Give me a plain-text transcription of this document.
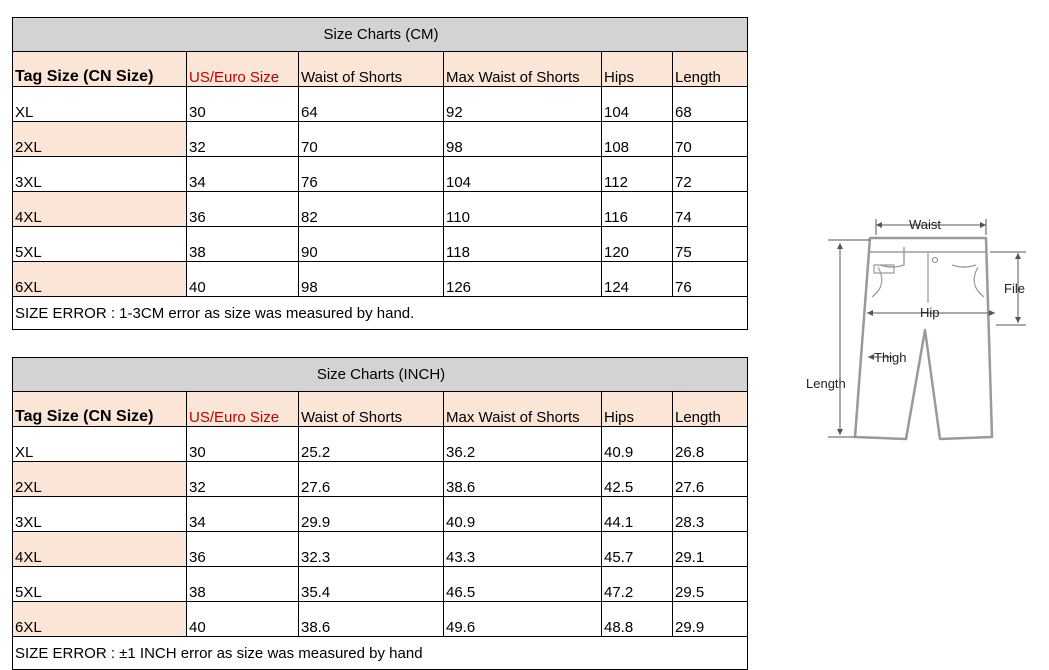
Size Charts (CM)					
Tag Size (CN Size)	US/Euro Size	Waist of Shorts	Max Waist of Shorts	Hips	Length
XL	30	64	92	104	68
2XL	32	70	98	108	70
3XL	34	76	104	112	72
4XL	36	82	110	116	74
5XL	38	90	118	120	75
6XL	40	98	126	124	76
SIZE ERROR : 1-3CM error as size was measured by hand.					
Size Charts (INCH)					
Tag Size (CN Size)	US/Euro Size	Waist of Shorts	Max Waist of Shorts	Hips	Length
XL	30	25.2	36.2	40.9	26.8
2XL	32	27.6	38.6	42.5	27.6
3XL	34	29.9	40.9	44.1	28.3
4XL	36	32.3	43.3	45.7	29.1
5XL	38	35.4	46.5	47.2	29.5
6XL	40	38.6	49.6	48.8	29.9
SIZE ERROR : ±1 INCH error as size was measured by hand					
Waist
File
Hip
Thigh
Length
